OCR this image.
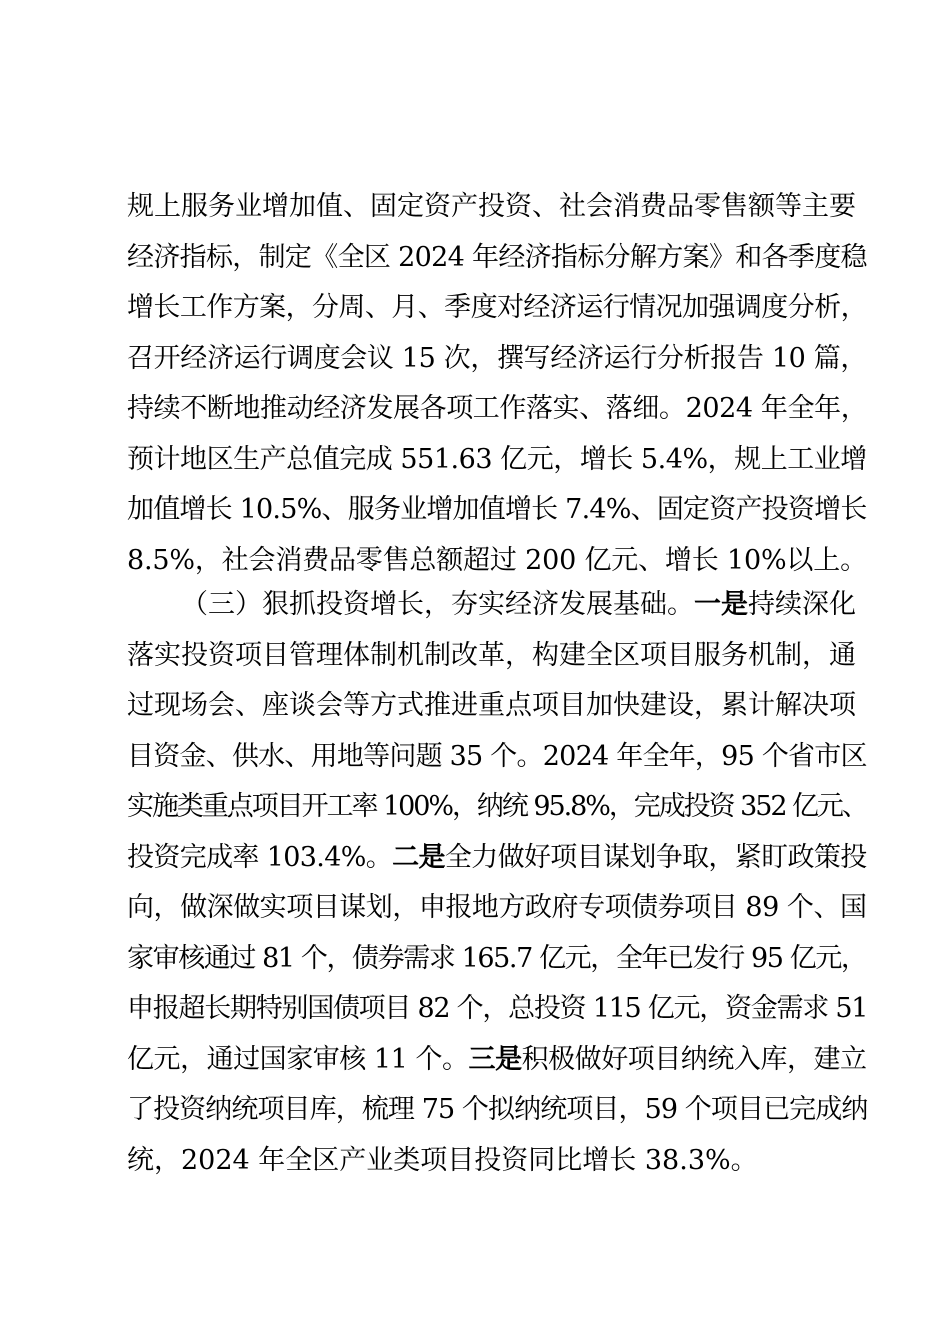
规上服务业增加值、固定资产投资、社会消费品零售额等主要
经济指标，制定《全区 2024 年经济指标分解方案》和各季度稳
增长工作方案，分周、月、季度对经济运行情况加强调度分析，
召开经济运行调度会议 15 次，撰写经济运行分析报告 10 篇，
持续不断地推动经济发展各项工作落实、落细。2024 年全年，
预计地区生产总值完成 551.63 亿元，增长 5.4%，规上工业增
加值增长 10.5%、服务业增加值增长 7.4%、固定资产投资增长
8.5%，社会消费品零售总额超过 200 亿元、增长 10%以上。
  （三）狠抓投资增长，夯实经济发展基础。一是持续深化
落实投资项目管理体制机制改革，构建全区项目服务机制，通
过现场会、座谈会等方式推进重点项目加快建设，累计解决项
目资金、供水、用地等问题 35 个。2024 年全年，95 个省市区
实施类重点项目开工率 100%，纳统 95.8%，完成投资 352 亿元、
投资完成率 103.4%。二是全力做好项目谋划争取，紧盯政策投
向，做深做实项目谋划，申报地方政府专项债券项目 89 个、国
家审核通过 81 个，债券需求 165.7 亿元，全年已发行 95 亿元，
申报超长期特别国债项目 82 个，总投资 115 亿元，资金需求 51
亿元，通过国家审核 11 个。三是积极做好项目纳统入库，建立
了投资纳统项目库，梳理 75 个拟纳统项目，59 个项目已完成纳
统，2024 年全区产业类项目投资同比增长 38.3%。
